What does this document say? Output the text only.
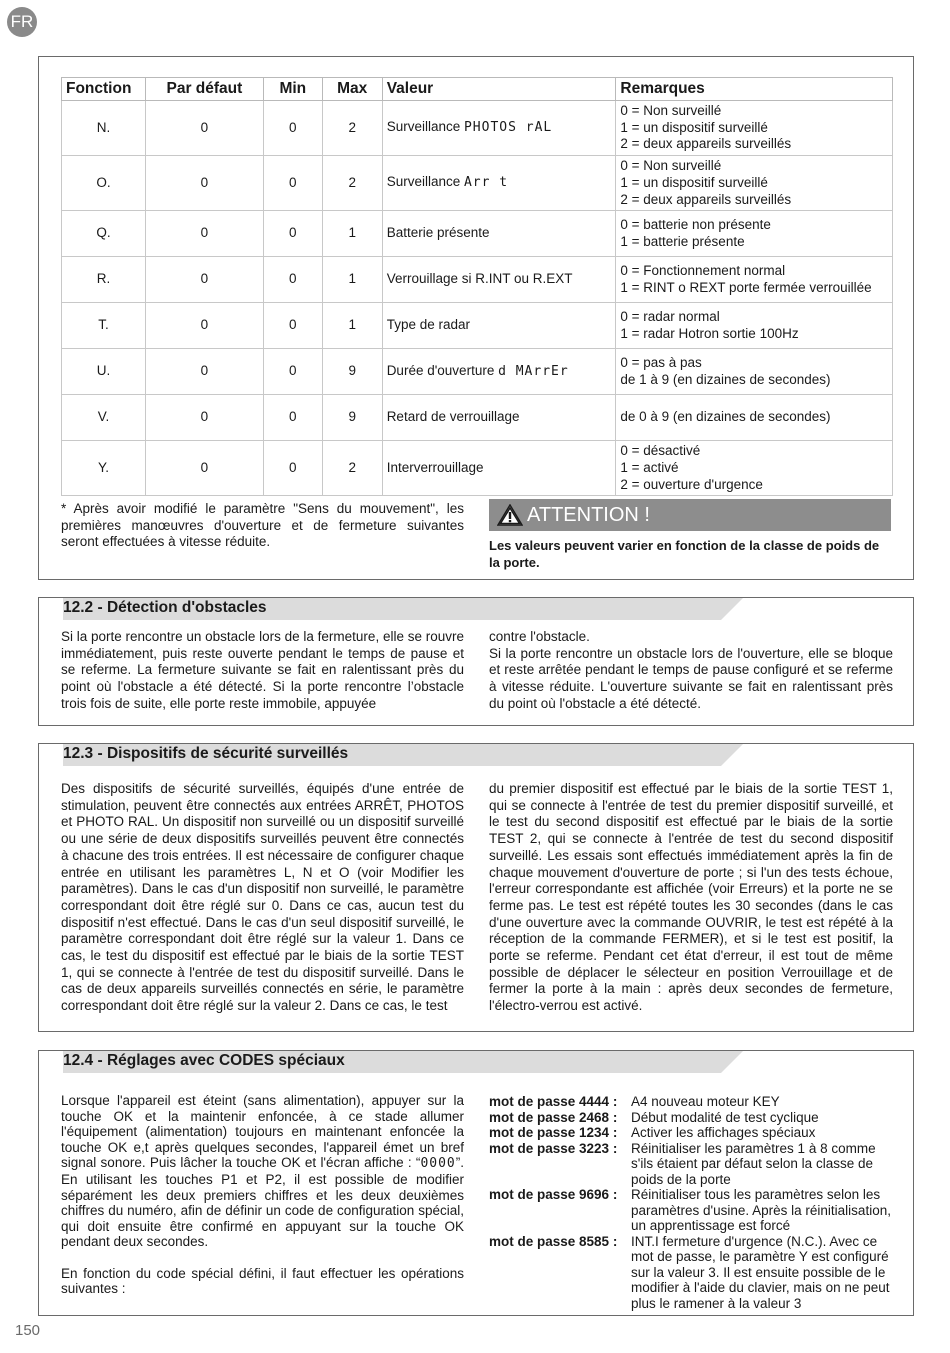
FR
Fonction	Par défaut	Min	Max	Valeur	Remarques
N.	0	0	2	Surveillance PHOTOS rAL	0 = Non surveillé
1 = un dispositif surveillé
2 = deux appareils surveillés
O.	0	0	2	Surveillance Arr t	0 = Non surveillé
1 = un dispositif surveillé
2 = deux appareils surveillés
Q.	0	0	1	Batterie présente	0 = batterie non présente
1 = batterie présente
R.	0	0	1	Verrouillage si R.INT ou R.EXT	0 = Fonctionnement normal
1 = RINT o REXT porte fermée verrouillée
T.	0	0	1	Type de radar	0 = radar normal
1 = radar Hotron sortie 100Hz
U.	0	0	9	Durée d'ouverture d MArrEr	0 = pas à pas
de 1 à 9 (en dizaines de secondes)
V.	0	0	9	Retard de verrouillage	de 0 à 9 (en dizaines de secondes)
Y.	0	0	2	Interverrouillage	0 = désactivé
1 = activé
2 = ouverture d'urgence
* Après avoir modifié le paramètre "Sens du mouvement", les premières manœuvres d'ouverture et de fermeture suivantes seront effectuées à vitesse réduite.
ATTENTION !
Les valeurs peuvent varier en fonction de la classe de poids de la porte.
12.2 - Détection d'obstacles
Si la porte rencontre un obstacle lors de la fermeture, elle se rouvre immédiatement, puis reste ouverte pendant le temps de pause et se referme. La fermeture suivante se fait en ralentissant près du point où l'obstacle a été détecté. Si la porte rencontre l’obstacle trois fois de suite, elle porte reste immobile, appuyée
contre l'obstacle.
Si la porte rencontre un obstacle lors de l'ouverture, elle se bloque et reste arrêtée pendant le temps de pause configuré et se referme à vitesse réduite. L'ouverture suivante se fait en ralentissant près du point où l'obstacle a été détecté.
12.3 - Dispositifs de sécurité surveillés
Des dispositifs de sécurité surveillés, équipés d'une entrée de stimulation, peuvent être connectés aux entrées ARRÊT, PHOTOS et PHOTO RAL. Un dispositif non surveillé ou un dispositif surveillé ou une série de deux dispositifs surveillés peuvent être connectés à chacune des trois entrées. Il est nécessaire de configurer chaque entrée en utilisant les paramètres L, N et O (voir Modifier les paramètres). Dans le cas d'un dispositif non surveillé, le paramètre correspondant doit être réglé sur 0. Dans ce cas, aucun test du dispositif n'est effectué. Dans le cas d'un seul dispositif surveillé, le paramètre correspondant doit être réglé sur la valeur 1. Dans ce cas, le test du dispositif est effectué par le biais de la sortie TEST 1, qui se connecte à l'entrée de test du dispositif surveillé. Dans le cas de deux appareils surveillés connectés en série, le paramètre correspondant doit être réglé sur la valeur 2. Dans ce cas, le test
du premier dispositif est effectué par le biais de la sortie TEST 1, qui se connecte à l'entrée de test du premier dispositif surveillé, et le test du second dispositif est effectué par le biais de la sortie TEST 2, qui se connecte à l'entrée de test du second dispositif surveillé. Les essais sont effectués immédiatement après la fin de chaque mouvement d'ouverture de porte ; si l'un des tests échoue, l'erreur correspondante est affichée (voir Erreurs) et la porte ne se ferme pas. Le test est répété toutes les 30 secondes (dans le cas d'une ouverture avec la commande OUVRIR, le test est répété à la réception de la commande FERMER), et si le test est positif, la porte se referme. Pendant cet état d'erreur, il est tout de même possible de déplacer le sélecteur en position Verrouillage et de fermer la porte à la main : après deux secondes de fermeture, l'électro-verrou est activé.
12.4 - Réglages avec CODES spéciaux
Lorsque l'appareil est éteint (sans alimentation), appuyer sur la touche OK et la maintenir enfoncée, à ce stade allumer l'équipement (alimentation) toujours en maintenant enfoncée la touche OK e,t après quelques secondes, l'appareil émet un bref signal sonore. Puis lâcher la touche OK et l'écran affiche : “0000”. En utilisant les touches P1 et P2, il est possible de modifier séparément les deux premiers chiffres et les deux deuxièmes chiffres du numéro, afin de définir un code de configuration spécial, qui doit ensuite être confirmé en appuyant sur la touche OK pendant deux secondes.
En fonction du code spécial défini, il faut effectuer les opérations suivantes :
mot de passe 4444 : A4 nouveau moteur KEY
mot de passe 2468 : Début modalité de test cyclique
mot de passe 1234 : Activer les affichages spéciaux
mot de passe 3223 : Réinitialiser les paramètres 1 à 8 comme s'ils étaient par défaut selon la classe de poids de la porte
mot de passe 9696 : Réinitialiser tous les paramètres selon les paramètres d'usine. Après la réinitialisation, un apprentissage est forcé
mot de passe 8585 : INT.I fermeture d'urgence (N.C.). Avec ce mot de passe, le paramètre Y est configuré sur la valeur 3. Il est ensuite possible de le modifier à l'aide du clavier, mais on ne peut plus le ramener à la valeur 3
150
